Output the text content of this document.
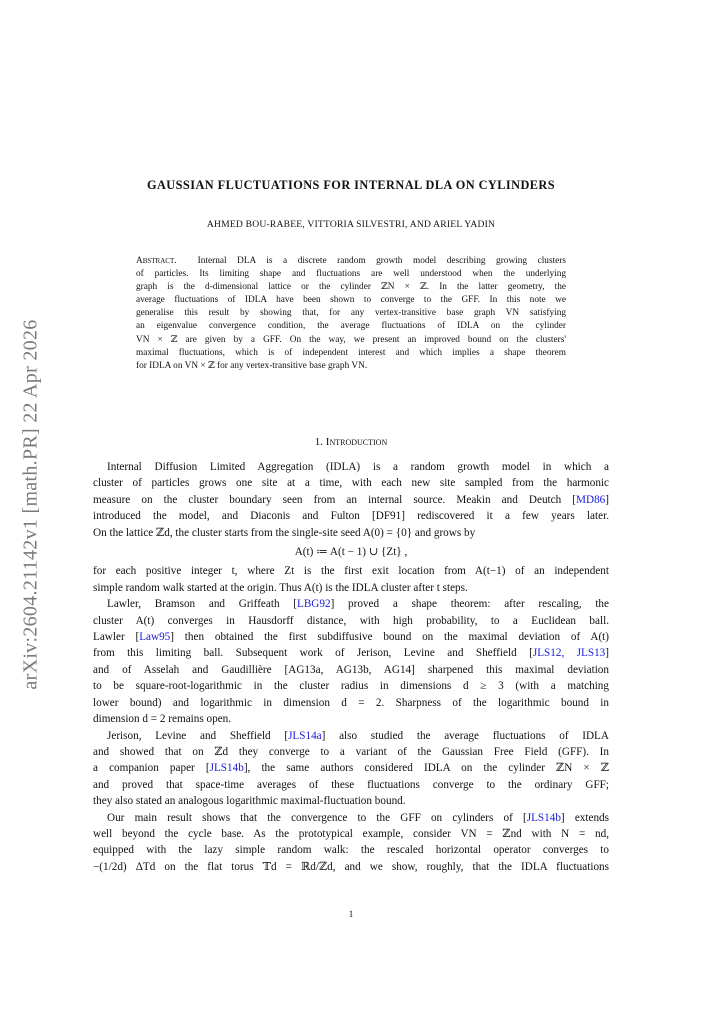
arXiv:2604.21142v1 [math.PR] 22 Apr 2026
GAUSSIAN FLUCTUATIONS FOR INTERNAL DLA ON CYLINDERS
AHMED BOU-RABEE, VITTORIA SILVESTRI, AND ARIEL YADIN
Abstract. Internal DLA is a discrete random growth model describing growing clusters
of particles. Its limiting shape and fluctuations are well understood when the underlying
graph is the d-dimensional lattice or the cylinder ℤN × ℤ. In the latter geometry, the
average fluctuations of IDLA have been shown to converge to the GFF. In this note we
generalise this result by showing that, for any vertex-transitive base graph VN satisfying
an eigenvalue convergence condition, the average fluctuations of IDLA on the cylinder
VN × ℤ are given by a GFF. On the way, we present an improved bound on the clusters'
maximal fluctuations, which is of independent interest and which implies a shape theorem
for IDLA on VN × ℤ for any vertex-transitive base graph VN.
1. Introduction
Internal Diffusion Limited Aggregation (IDLA) is a random growth model in which a
cluster of particles grows one site at a time, with each new site sampled from the harmonic
measure on the cluster boundary seen from an internal source. Meakin and Deutch [MD86]
introduced the model, and Diaconis and Fulton [DF91] rediscovered it a few years later.
On the lattice ℤd, the cluster starts from the single-site seed A(0) = {0} and grows by
A(t) ≔ A(t − 1) ∪ {Zt} ,
for each positive integer t, where Zt is the first exit location from A(t−1) of an independent
simple random walk started at the origin. Thus A(t) is the IDLA cluster after t steps.
Lawler, Bramson and Griffeath [LBG92] proved a shape theorem: after rescaling, the
cluster A(t) converges in Hausdorff distance, with high probability, to a Euclidean ball.
Lawler [Law95] then obtained the first subdiffusive bound on the maximal deviation of A(t)
from this limiting ball. Subsequent work of Jerison, Levine and Sheffield [JLS12, JLS13]
and of Asselah and Gaudillière [AG13a, AG13b, AG14] sharpened this maximal deviation
to be square-root-logarithmic in the cluster radius in dimensions d ≥ 3 (with a matching
lower bound) and logarithmic in dimension d = 2. Sharpness of the logarithmic bound in
dimension d = 2 remains open.
Jerison, Levine and Sheffield [JLS14a] also studied the average fluctuations of IDLA
and showed that on ℤd they converge to a variant of the Gaussian Free Field (GFF). In
a companion paper [JLS14b], the same authors considered IDLA on the cylinder ℤN × ℤ
and proved that space-time averages of these fluctuations converge to the ordinary GFF;
they also stated an analogous logarithmic maximal-fluctuation bound.
Our main result shows that the convergence to the GFF on cylinders of [JLS14b] extends
well beyond the cycle base. As the prototypical example, consider VN = ℤnd with N = nd,
equipped with the lazy simple random walk: the rescaled horizontal operator converges to
−(1/2d) ΔTd on the flat torus 𝕋d = ℝd/ℤd, and we show, roughly, that the IDLA fluctuations
1
